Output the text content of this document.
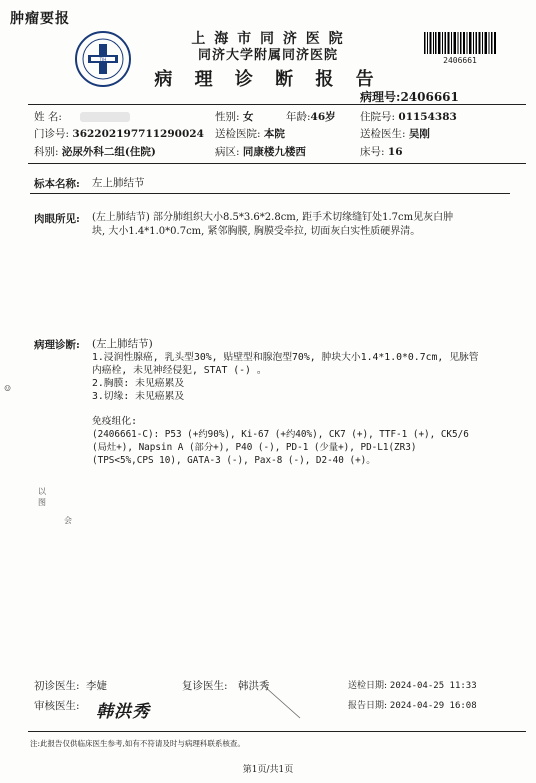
肿瘤要报
TJH
上 海 市 同 济 医 院
同济大学附属同济医院
病 理 诊 断 报 告
2406661
病理号:2406661
姓 名:	性别: 女	年龄:46岁 住院号: 01154383
门诊号: 362202197711290024 送检医院: 本院	送检医生: 吴刚
科别: 泌尿外科二组(住院)	病区: 同康楼九楼西	床号: 16
标本名称: 左上肺结节
肉眼所见: (左上肺结节) 部分肺组织大小8.5*3.6*2.8cm, 距手术切缘缝钉处1.7cm见灰白肿
块, 大小1.4*1.0*0.7cm, 紧邻胸膜, 胸膜受牵拉, 切面灰白实性质硬界清。
病理诊断: (左上肺结节)
1.浸润性腺癌, 乳头型30%, 贴壁型和腺泡型70%, 肿块大小1.4*1.0*0.7cm, 见脉管
内癌栓, 未见神经侵犯, STAT (-) 。
2.胸膜: 未见癌累及
3.切缘: 未见癌累及
免疫组化:
(2406661-C): P53 (+约90%), Ki-67 (+约40%), CK7 (+), TTF-1 (+), CK5/6
(局灶+), Napsin A (部分+), P40 (-), PD-1 (少量+), PD-L1(ZR3)
(TPS<5%,CPS 10), GATA-3 (-), Pax-8 (-), D2-40 (+)。
☺
以
图
会
初诊医生: 李婕	复诊医生: 韩洪秀	送检日期: 2024-04-25 11:33
审核医生: 韩洪秀	报告日期: 2024-04-29 16:08
注:此报告仅供临床医生参考,如有不符请及时与病理科联系核查。
第1页/共1页
